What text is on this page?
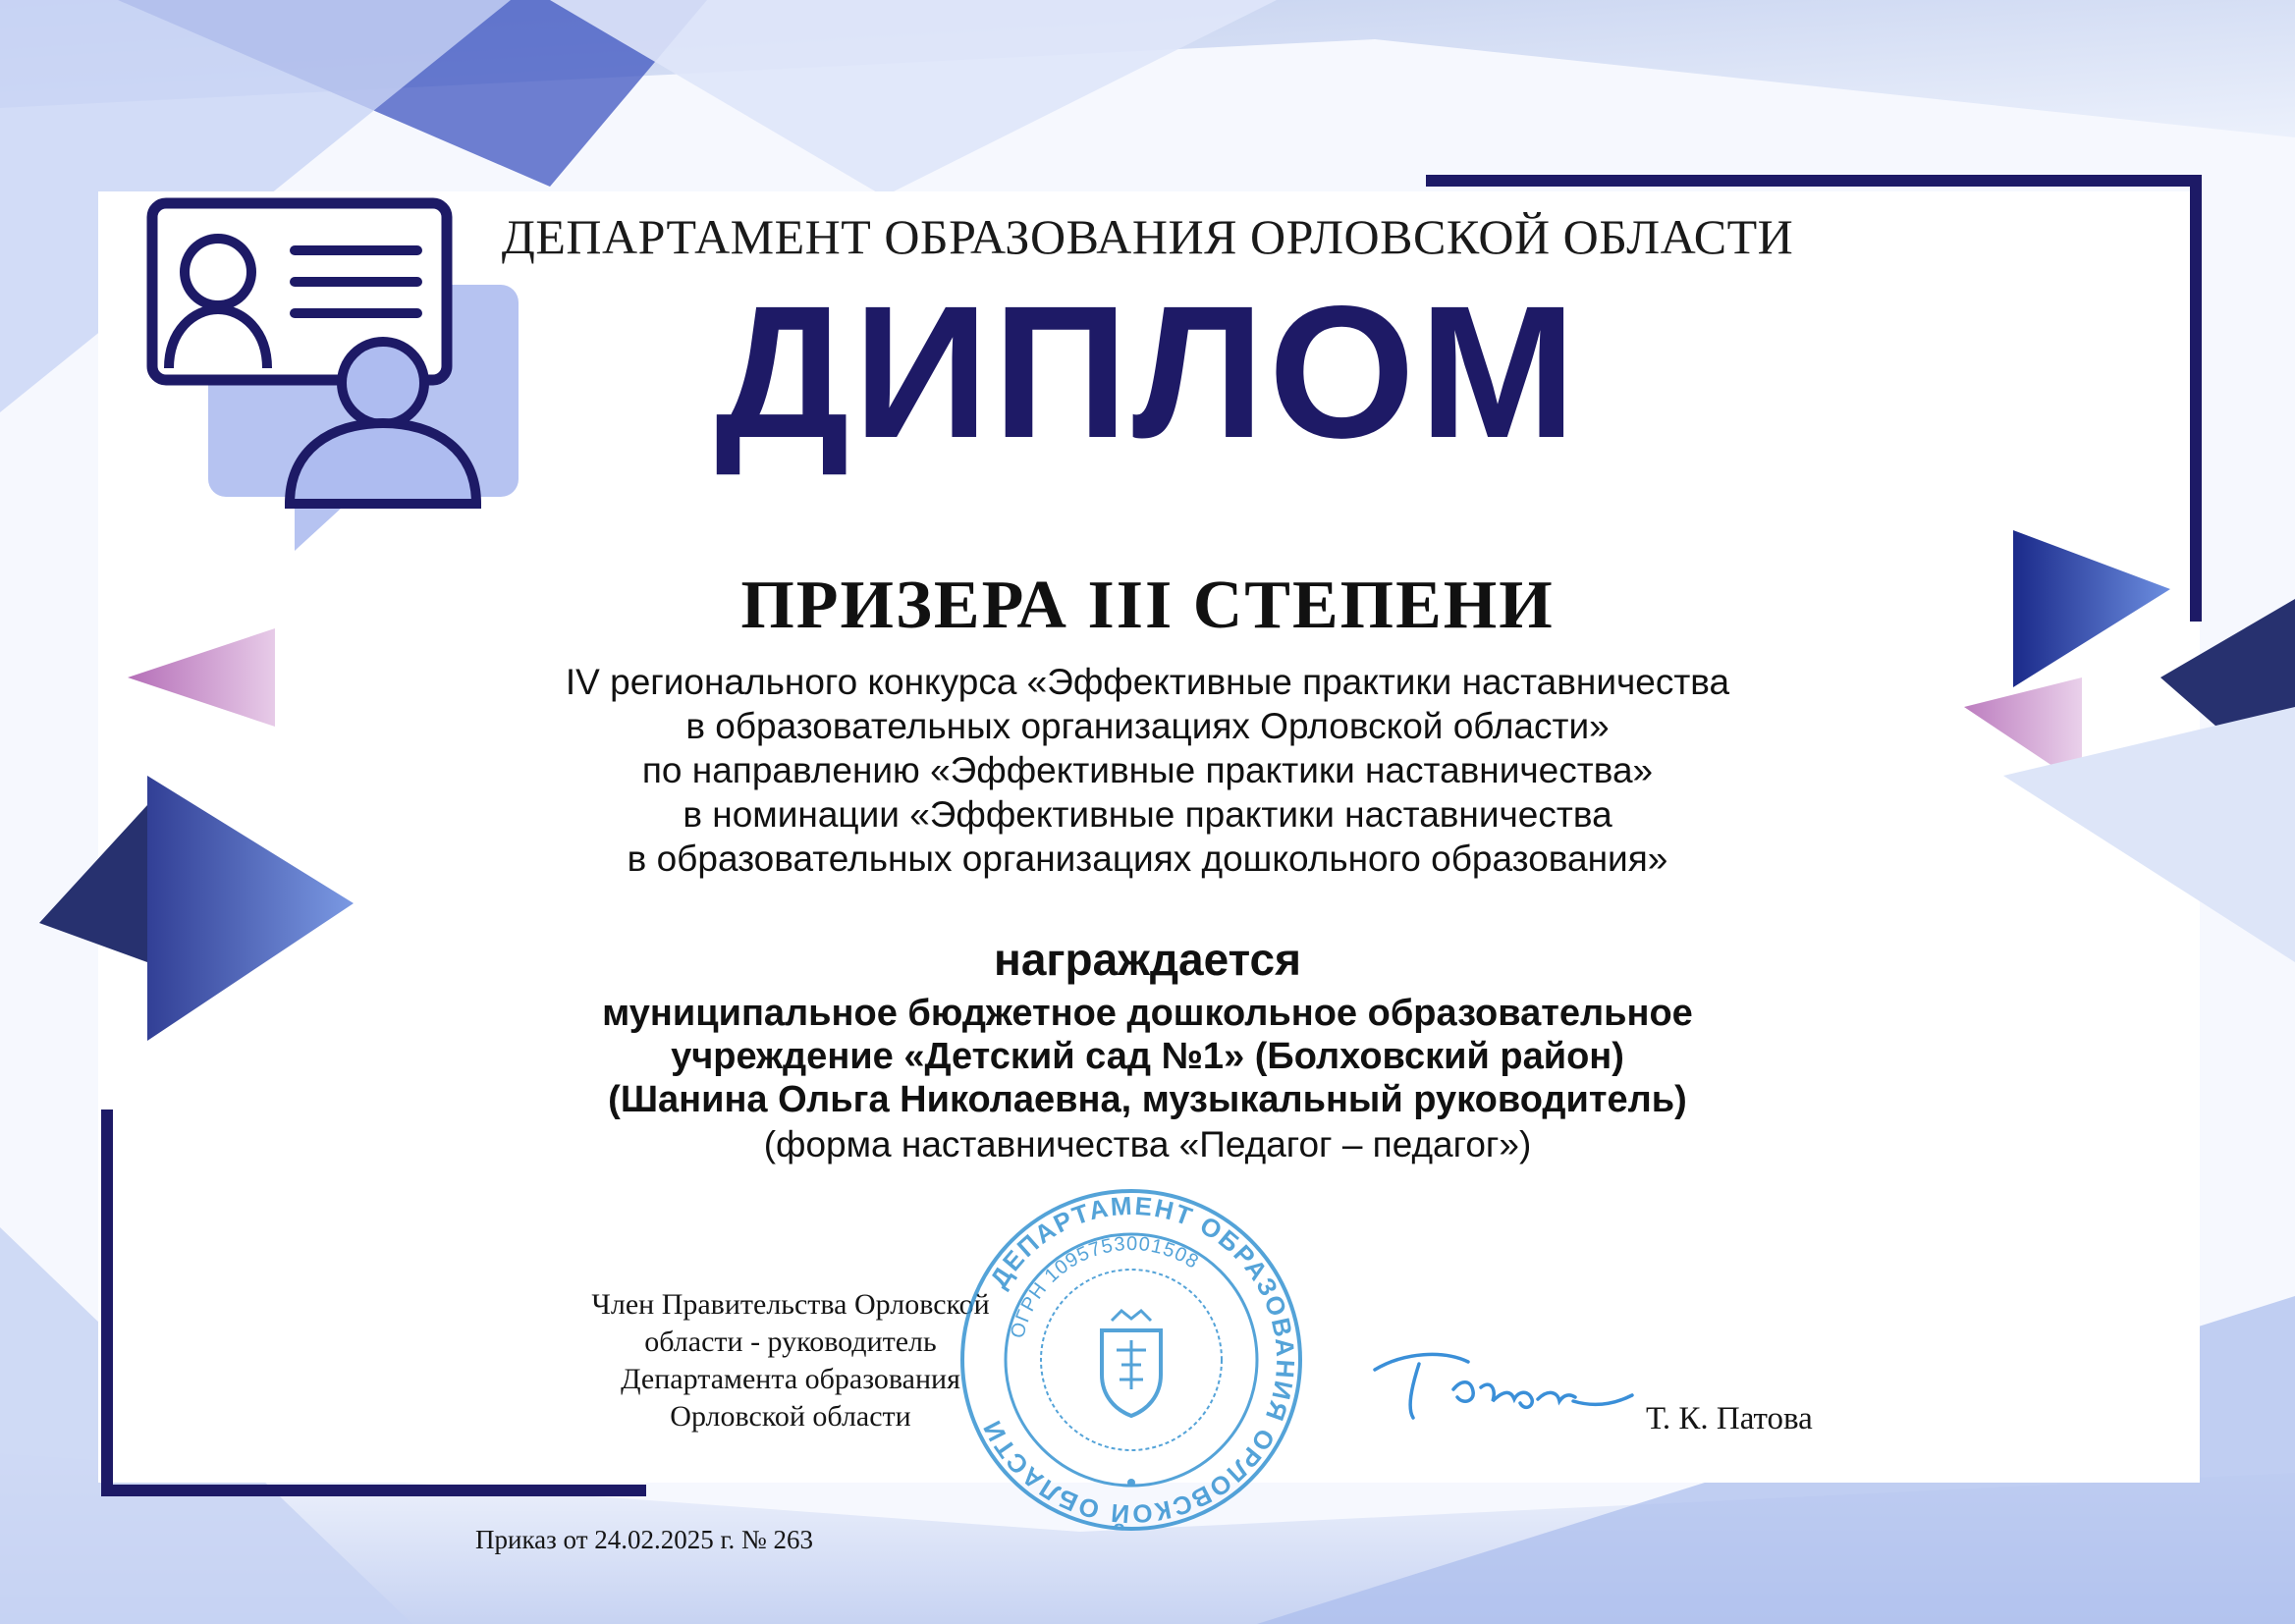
ДЕПАРТАМЕНТ ОБРАЗОВАНИЯ ОРЛОВСКОЙ ОБЛАСТИ
ДИПЛОМ
ПРИЗЕРА III СТЕПЕНИ
IV регионального конкурса «Эффективные практики наставничества
в образовательных организациях Орловской области»
по направлению «Эффективные практики наставничества»
в номинации «Эффективные практики наставничества
в образовательных организациях дошкольного образования»
награждается
муниципальное бюджетное дошкольное образовательное
учреждение «Детский сад №1» (Болховский район)
(Шанина Ольга Николаевна, музыкальный руководитель)
(форма наставничества «Педагог – педагог»)
Член Правительства Орловской
области - руководитель
Департамента образования
Орловской области	Т. К. Патова
ДЕПАРТАМЕНТ ОБРАЗОВАНИЯ ОРЛОВСКОЙ ОБЛАСТИ
ОГРН 1095753001508
Приказ от 24.02.2025 г. № 263
